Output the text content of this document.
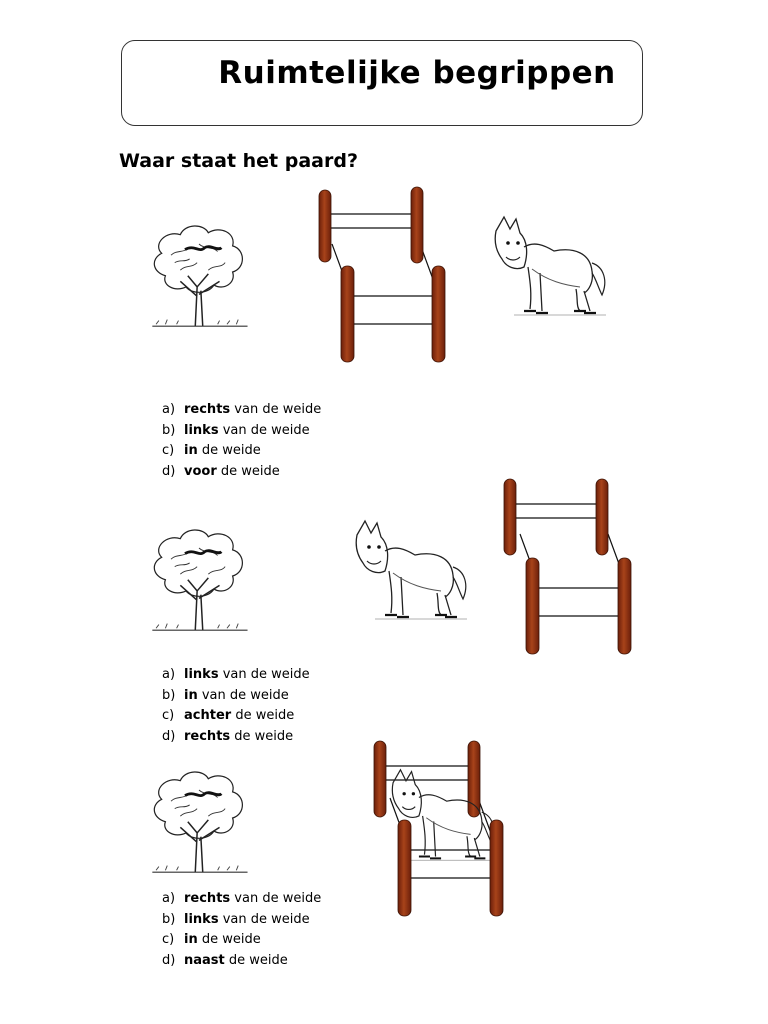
Ruimtelijke begrippen
Waar staat het paard?
a) rechts van de weide
b) links van de weide
c) in de weide
d) voor de weide
a) links van de weide
b) in van de weide
c) achter de weide
d) rechts de weide
a) rechts van de weide
b) links van de weide
c) in de weide
d) naast de weide
